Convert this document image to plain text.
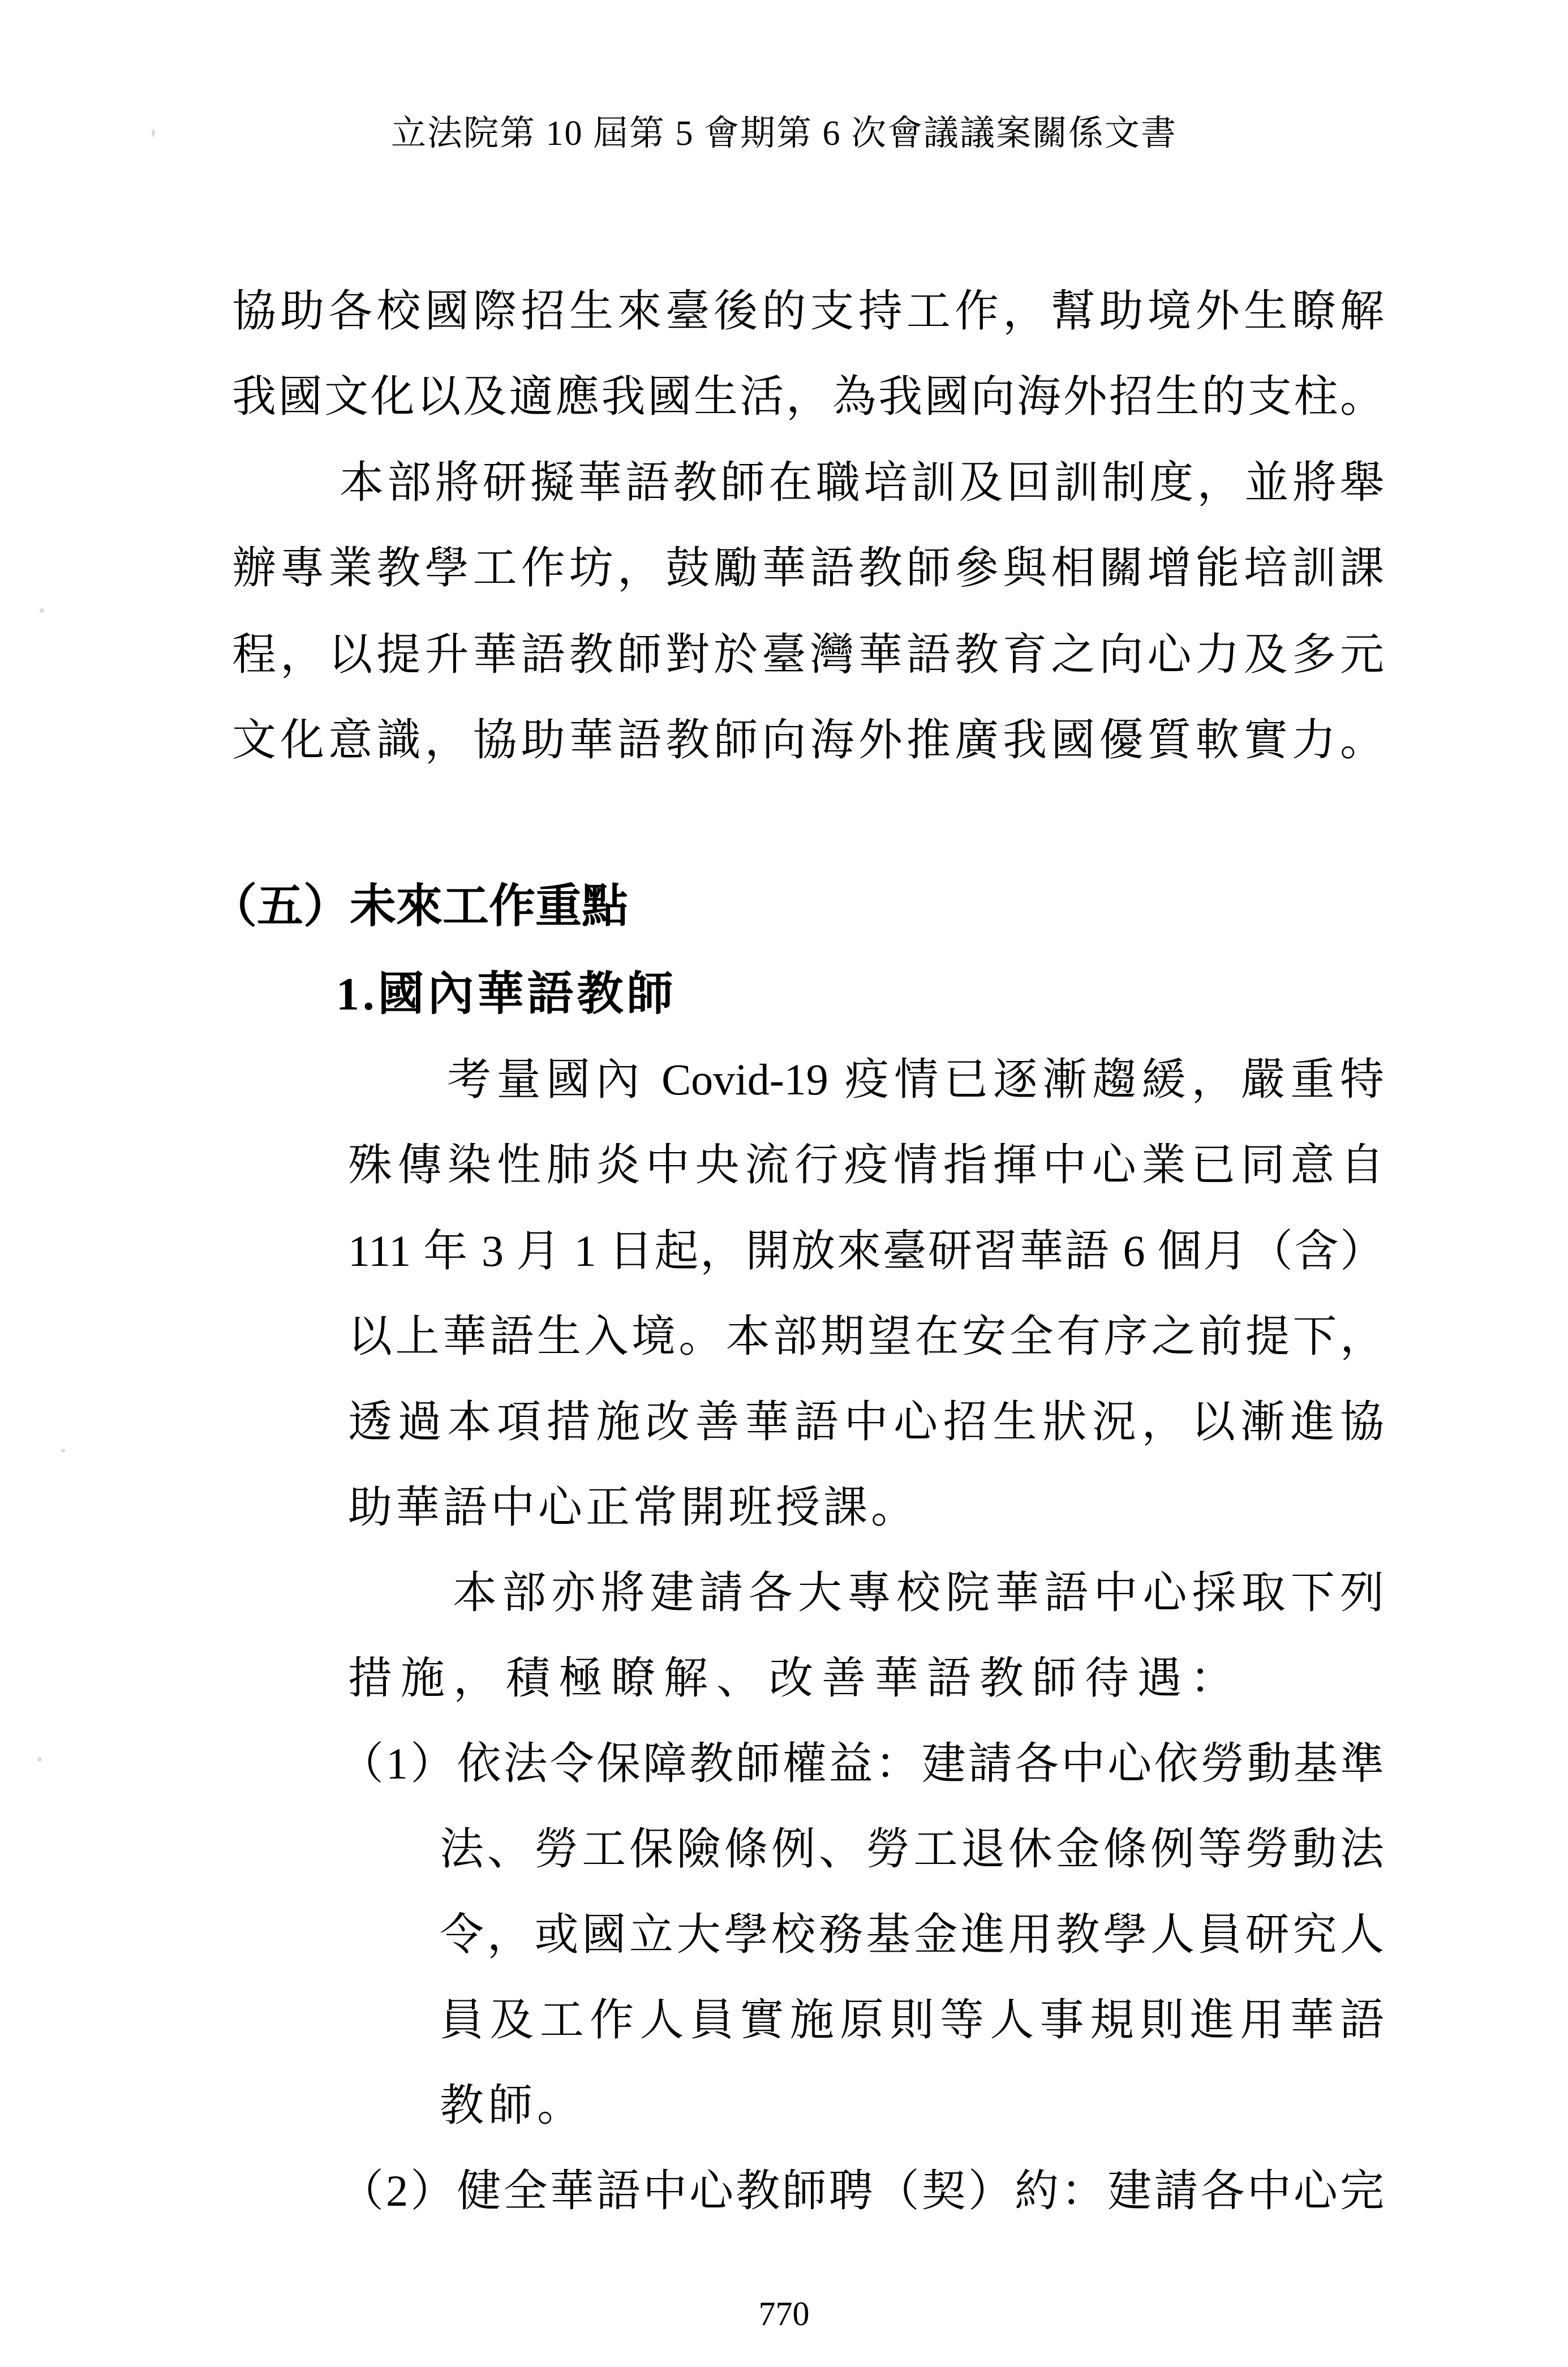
立法院第 10 屆第 5 會期第 6 次會議議案關係文書
協助各校國際招生來臺後的支持工作，幫助境外生瞭解
我國文化以及適應我國生活，為我國向海外招生的支柱。
本部將研擬華語教師在職培訓及回訓制度，並將舉
辦專業教學工作坊，鼓勵華語教師參與相關增能培訓課
程，以提升華語教師對於臺灣華語教育之向心力及多元
文化意識，協助華語教師向海外推廣我國優質軟實力。
（五）未來工作重點
1.國內華語教師
考量國內 Covid-19 疫情已逐漸趨緩，嚴重特
殊傳染性肺炎中央流行疫情指揮中心業已同意自
111 年 3 月 1 日起，開放來臺研習華語 6 個月（含）
以上華語生入境。本部期望在安全有序之前提下，
透過本項措施改善華語中心招生狀況，以漸進協
助華語中心正常開班授課。
本部亦將建請各大專校院華語中心採取下列
措施，積極瞭解、改善華語教師待遇：
（1）依法令保障教師權益：建請各中心依勞動基準
法、勞工保險條例、勞工退休金條例等勞動法
令，或國立大學校務基金進用教學人員研究人
員及工作人員實施原則等人事規則進用華語
教師。
（2）健全華語中心教師聘（契）約：建請各中心完
770
